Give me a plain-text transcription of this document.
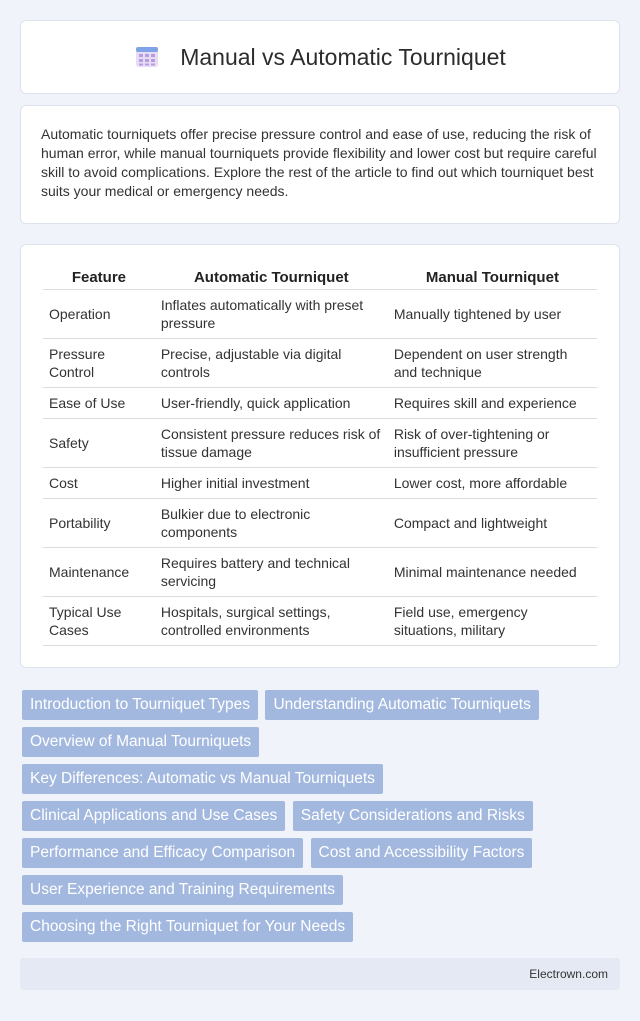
Manual vs Automatic Tourniquet

Automatic tourniquets offer precise pressure control and ease of use, reducing the risk of human error, while manual tourniquets provide flexibility and lower cost but require careful skill to avoid complications. Explore the rest of the article to find out which tourniquet best suits your medical or emergency needs.

Feature	Automatic Tourniquet	Manual Tourniquet
Operation	Inflates automatically with preset pressure	Manually tightened by user
Pressure Control	Precise, adjustable via digital controls	Dependent on user strength and technique
Ease of Use	User-friendly, quick application	Requires skill and experience
Safety	Consistent pressure reduces risk of tissue damage	Risk of over-tightening or insufficient pressure
Cost	Higher initial investment	Lower cost, more affordable
Portability	Bulkier due to electronic components	Compact and lightweight
Maintenance	Requires battery and technical servicing	Minimal maintenance needed
Typical Use Cases	Hospitals, surgical settings, controlled environments	Field use, emergency situations, military
Introduction to Tourniquet Types Understanding Automatic Tourniquets Overview of Manual Tourniquets Key Differences: Automatic vs Manual Tourniquets Clinical Applications and Use Cases Safety Considerations and Risks Performance and Efficacy Comparison Cost and Accessibility Factors User Experience and Training Requirements Choosing the Right Tourniquet for Your Needs
Electrown.com
